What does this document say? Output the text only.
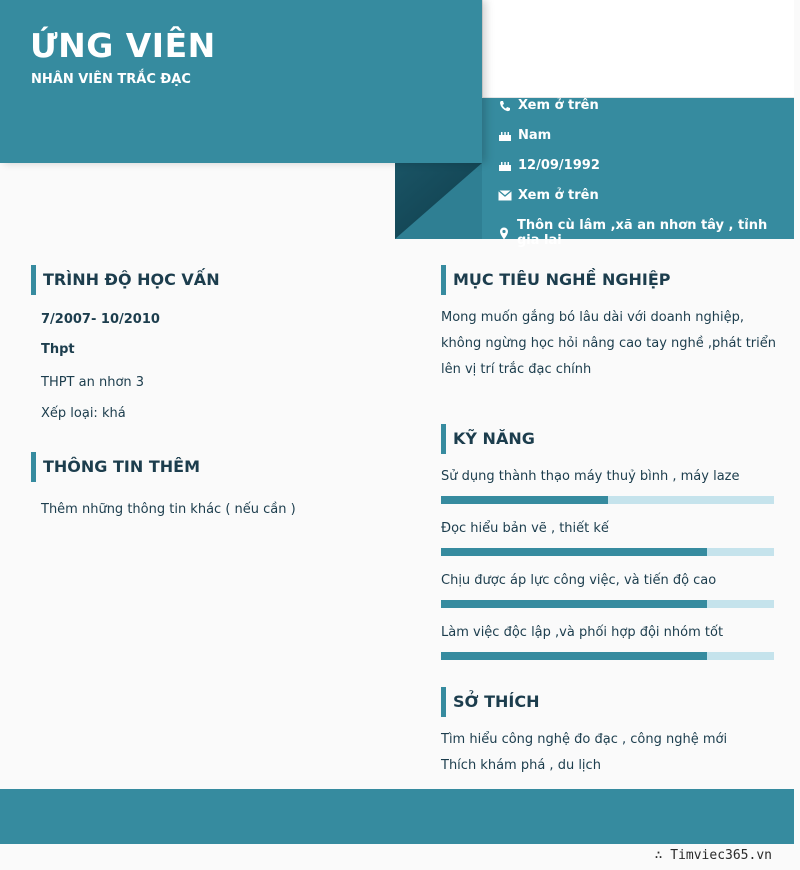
ỨNG VIÊN
NHÂN VIÊN TRẮC ĐẠC
Xem ở trên
Nam
12/09/1992
Xem ở trên
Thôn cù lâm ,xã an nhơn tây , tỉnh gia lai
TRÌNH ĐỘ HỌC VẤN
7/2007- 10/2010
Thpt
THPT an nhơn 3
Xếp loại: khá
THÔNG TIN THÊM
Thêm những thông tin khác ( nếu cần )
MỤC TIÊU NGHỀ NGHIỆP
Mong muốn gắng bó lâu dài với doanh nghiệp, không ngừng học hỏi nâng cao tay nghề ,phát triển lên vị trí trắc đạc chính
KỸ NĂNG
Sử dụng thành thạo máy thuỷ bình , máy laze
Đọc hiểu bản vẽ , thiết kế
Chịu được áp lực công việc, và tiến độ cao
Làm việc độc lập ,và phối hợp đội nhóm tốt
SỞ THÍCH
Tìm hiểu công nghệ đo đạc , công nghệ mới
Thích khám phá , du lịch
∴ Timviec365.vn
